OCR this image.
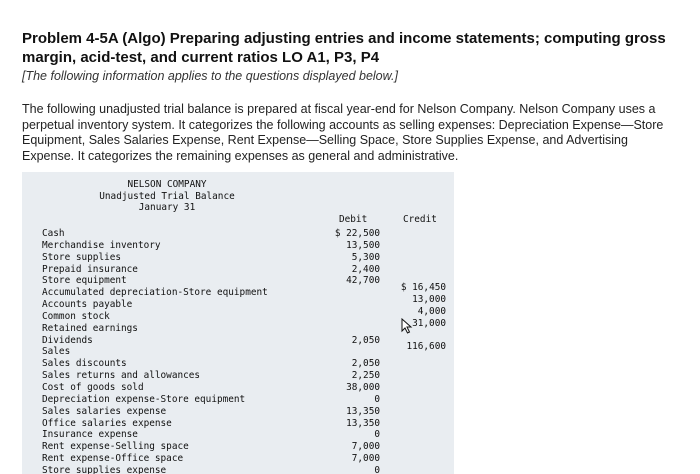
Problem 4-5A (Algo) Preparing adjusting entries and income statements; computing gross margin, acid-test, and current ratios LO A1, P3, P4
[The following information applies to the questions displayed below.]
The following unadjusted trial balance is prepared at fiscal year-end for Nelson Company. Nelson Company uses a perpetual inventory system. It categorizes the following accounts as selling expenses: Depreciation Expense—Store Equipment, Sales Salaries Expense, Rent Expense—Selling Space, Store Supplies Expense, and Advertising Expense. It categorizes the remaining expenses as general and administrative.
NELSON COMPANY
Unadjusted Trial Balance
January 31
Debit	Credit
Cash
Merchandise inventory
Store supplies
Prepaid insurance
Store equipment
Accumulated depreciation-Store equipment
Accounts payable
Common stock
Retained earnings
Dividends
Sales
Sales discounts
Sales returns and allowances
Cost of goods sold
Depreciation expense-Store equipment
Sales salaries expense
Office salaries expense
Insurance expense
Rent expense-Selling space
Rent expense-Office space
Store supplies expense
$ 22,500
13,500
5,300
2,400
42,700
2,050
2,050
2,250
38,000
0
13,350
13,350
0
7,000
7,000
0
$ 16,450
13,000
4,000
31,000
116,600
